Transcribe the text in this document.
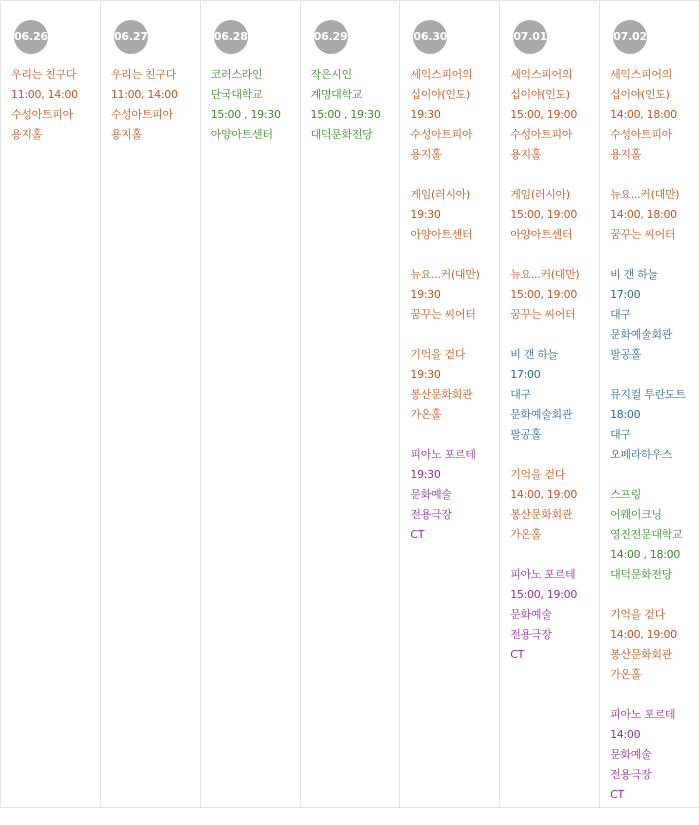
06.26
우리는 친구다
11:00, 14:00
수성아트피아
용지홀
06.27
우리는 친구다
11:00, 14:00
수성아트피아
용지홀
06.28
코러스라인
단국대학교
15:00 , 19:30
아양아트센터
06.29
작은시인
계명대학교
15:00 , 19:30
대덕문화전당
06.30
세익스피어의
십이야(인도)
19:30
수성아트피아
용지홀
게임(러시아)
19:30
아양아트센터
뉴요...커(대만)
19:30
꿈꾸는 씨어터
기억을 걷다
19:30
봉산문화회관
가온홀
피아노 포르테
19:30
문화예술
전용극장
CT
07.01
세익스피어의
십이야(인도)
15:00, 19:00
수성아트피아
용지홀
게임(러시아)
15:00, 19:00
아양아트센터
뉴요...커(대만)
15:00, 19:00
꿈꾸는 씨어터
비 갠 하늘
17:00
대구
문화예술회관
팔공홀
기억을 걷다
14:00, 19:00
봉산문화회관
가온홀
피아노 포르테
15:00, 19:00
문화예술
전용극장
CT
07.02
세익스피어의
십이야(인도)
14:00, 18:00
수성아트피아
용지홀
뉴요...커(대만)
14:00, 18:00
꿈꾸는 씨어터
비 갠 하늘
17:00
대구
문화예술회관
팔공홀
뮤지컬 투란도트
18:00
대구
오페라하우스
스프링
어웨이크닝
영진전문대학교
14:00 , 18:00
대덕문화전당
기억을 걷다
14:00, 19:00
봉산문화회관
가온홀
피아노 포르테
14:00
문화예술
전용극장
CT
